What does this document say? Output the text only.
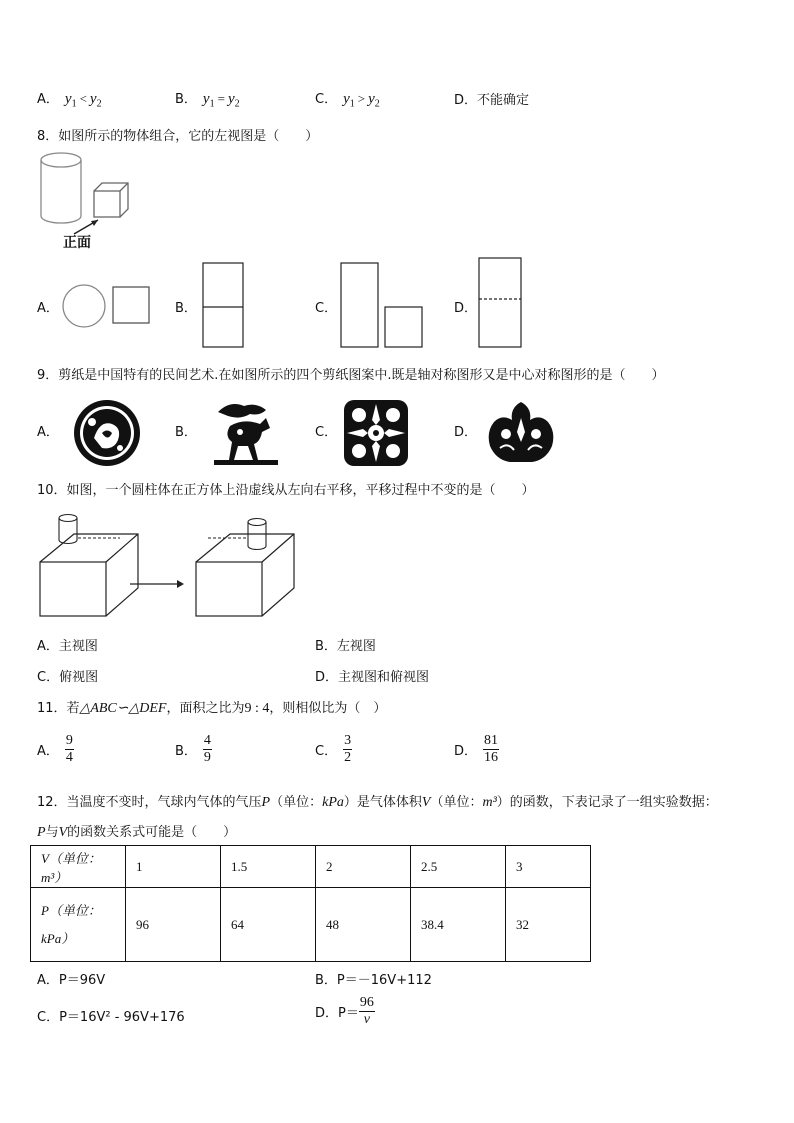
A． $y_1 < y_2$	B． $y_1 = y_2$	C． $y_1 > y_2$	D．不能确定
8．如图所示的物体组合，它的左视图是（　　）
正面
A．	B．	C．	D．
9．剪纸是中国特有的民间艺术.在如图所示的四个剪纸图案中.既是轴对称图形又是中心对称图形的是（　　）
A．	B．	C．	D．
10．如图，一个圆柱体在正方体上沿虚线从左向右平移，平移过程中不变的是（　　）
A．主视图	B．左视图
C．俯视图	D．主视图和俯视图
11．若△ABC∽△DEF，面积之比为9 : 4，则相似比为（　）
A． $\frac{9}{4}$	B． $\frac{4}{9}$	C． $\frac{3}{2}$	D． $\frac{81}{16}$
12．当温度不变时，气球内气体的气压P（单位：kPa）是气体体积V（单位：m³）的函数，下表记录了一组实验数据：
P与V的函数关系式可能是（　　）
V（单位：m³）	1	1.5	2	2.5	3
P（单位：
kPa）	96	64	48	38.4	32
A．P＝96V	B．P＝－16V+112
C．P＝16V² - 96V+176	D．$P= \frac{96}{v}$
